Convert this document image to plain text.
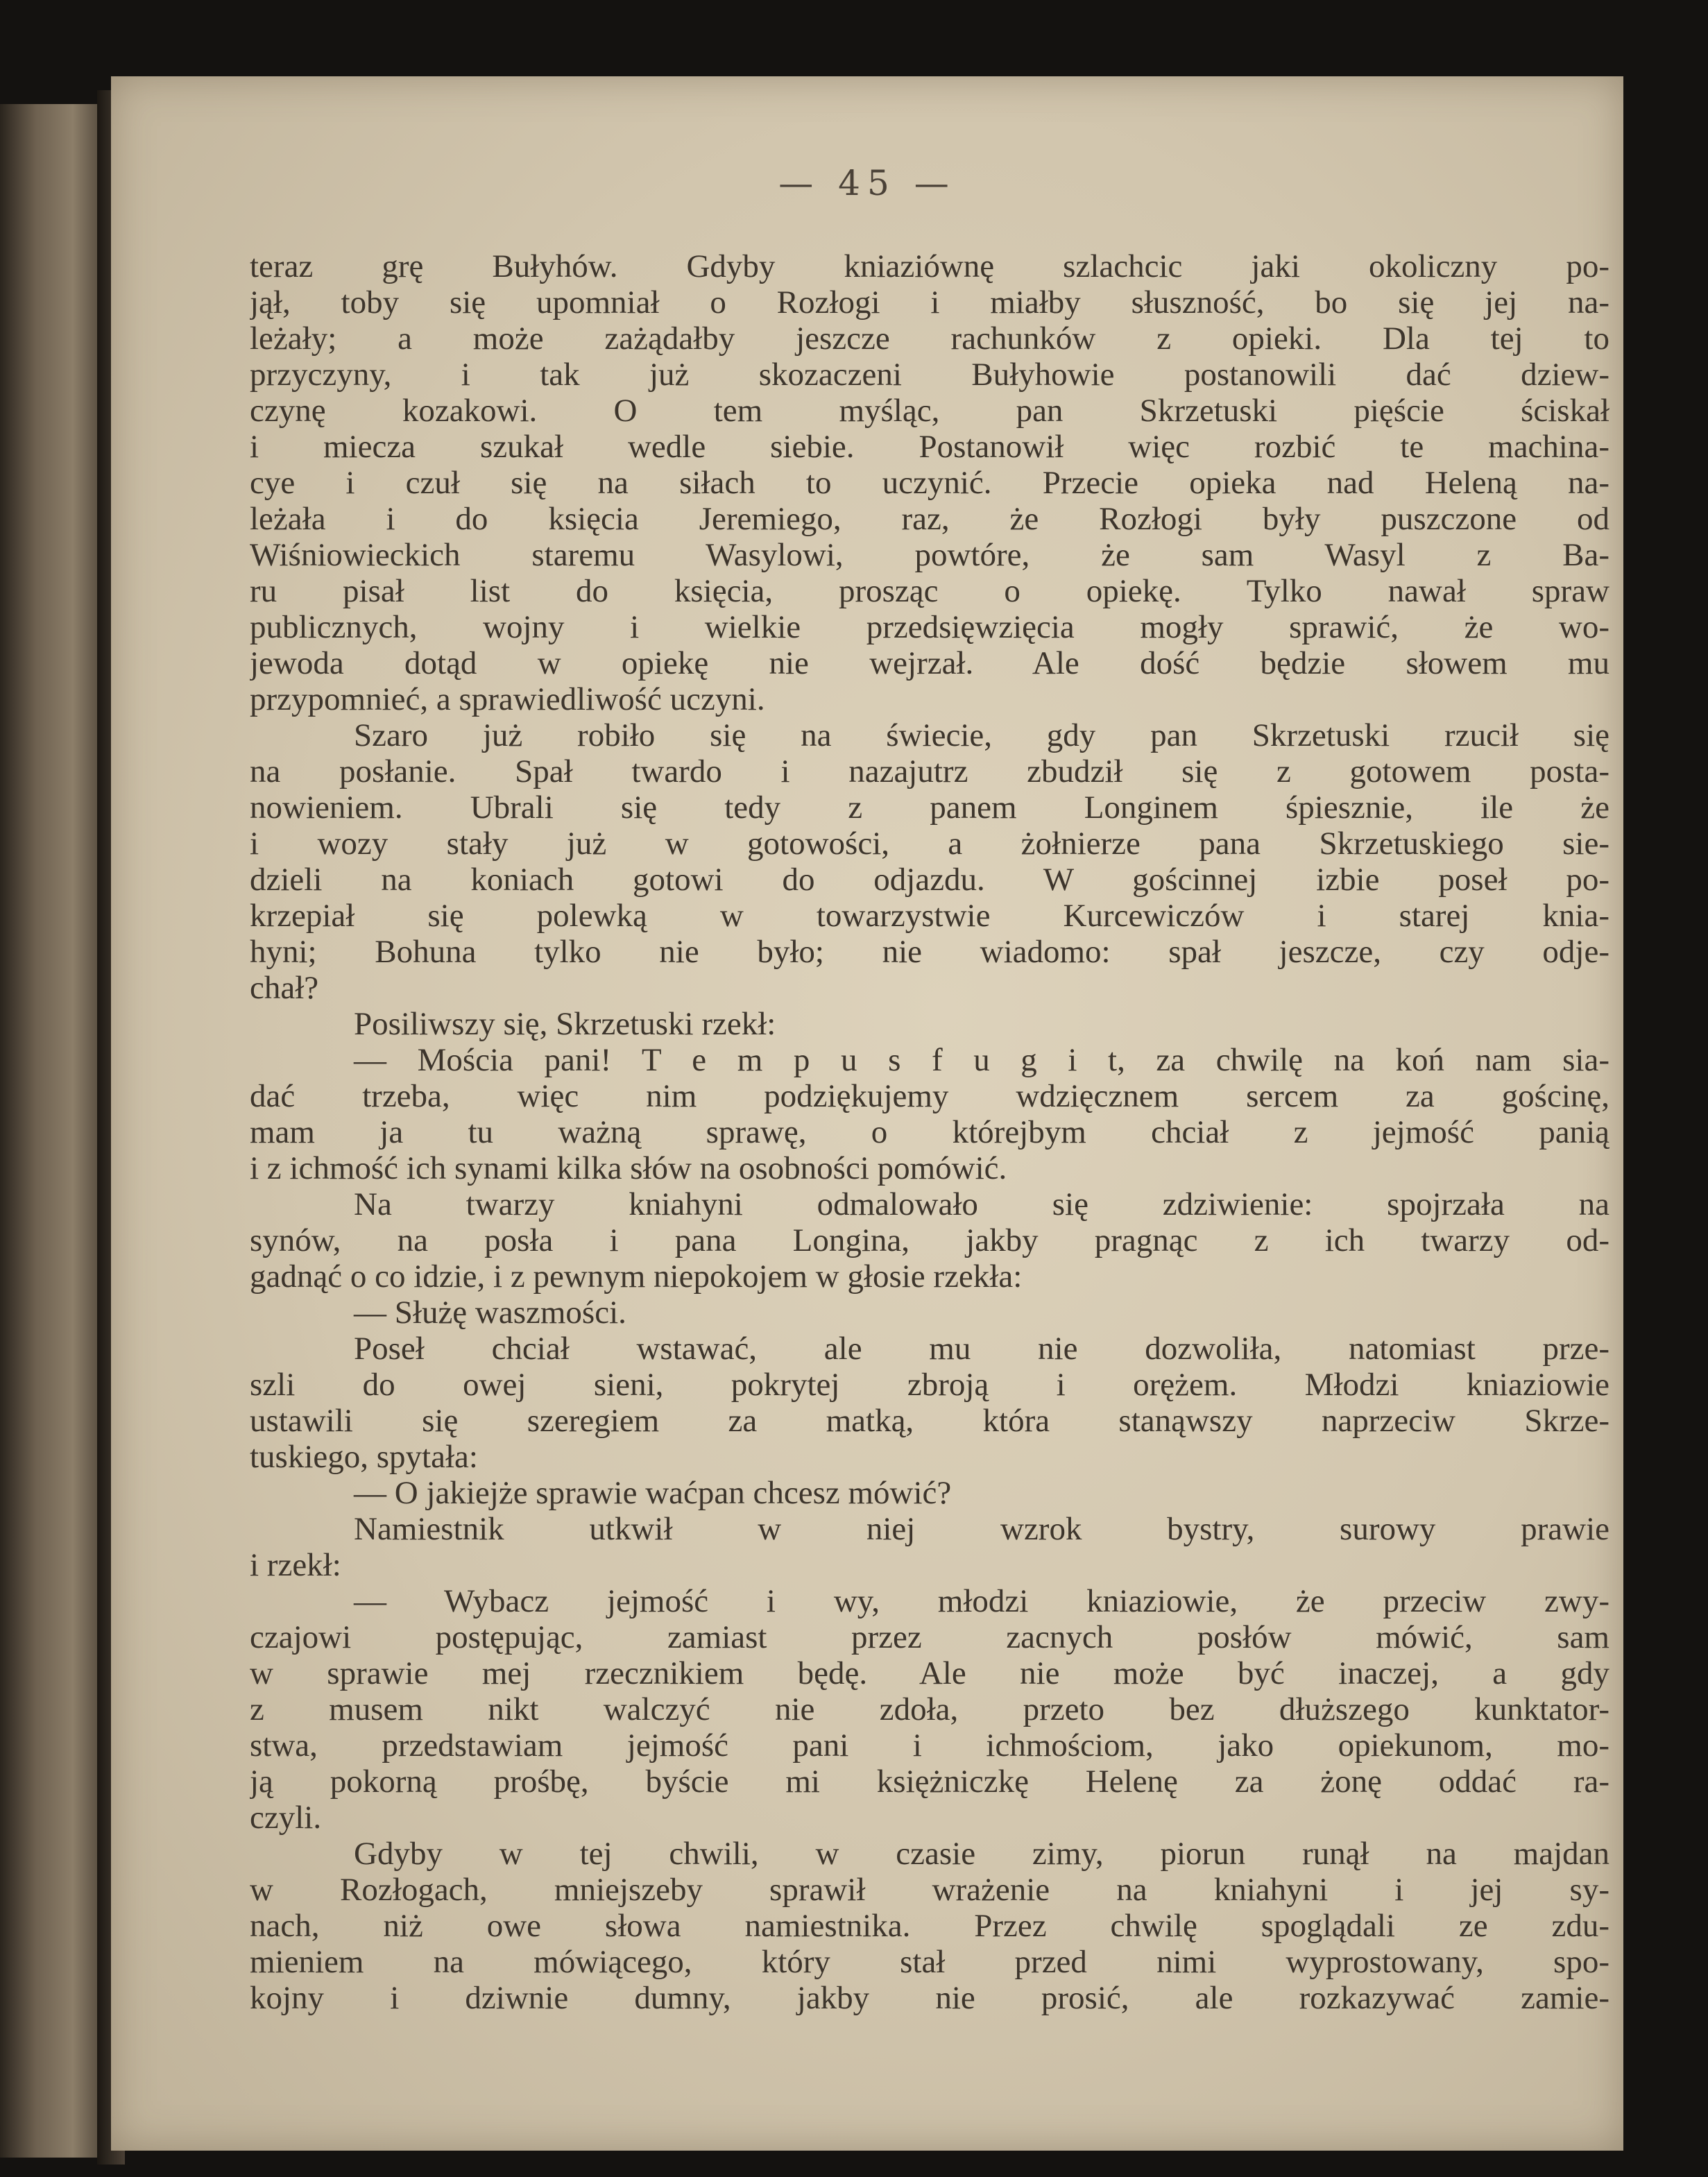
— 45 —
teraz grę Bułyhów. Gdyby kniaziównę szlachcic jaki okoliczny po-
jął, toby się upomniał o Rozłogi i miałby słuszność, bo się jej na-
leżały; a może zażądałby jeszcze rachunków z opieki. Dla tej to
przyczyny, i tak już skozaczeni Bułyhowie postanowili dać dziew-
czynę kozakowi. O tem myśląc, pan Skrzetuski pięście ściskał
i miecza szukał wedle siebie. Postanowił więc rozbić te machina-
cye i czuł się na siłach to uczynić. Przecie opieka nad Heleną na-
leżała i do księcia Jeremiego, raz, że Rozłogi były puszczone od
Wiśniowieckich staremu Wasylowi, powtóre, że sam Wasyl z Ba-
ru pisał list do księcia, prosząc o opiekę. Tylko nawał spraw
publicznych, wojny i wielkie przedsięwzięcia mogły sprawić, że wo-
jewoda dotąd w opiekę nie wejrzał. Ale dość będzie słowem mu
przypomnieć, a sprawiedliwość uczyni.
Szaro już robiło się na świecie, gdy pan Skrzetuski rzucił się
na posłanie. Spał twardo i nazajutrz zbudził się z gotowem posta-
nowieniem. Ubrali się tedy z panem Longinem śpiesznie, ile że
i wozy stały już w gotowości, a żołnierze pana Skrzetuskiego sie-
dzieli na koniach gotowi do odjazdu. W gościnnej izbie poseł po-
krzepiał się polewką w towarzystwie Kurcewiczów i starej knia-
hyni; Bohuna tylko nie było; nie wiadomo: spał jeszcze, czy odje-
chał?
Posiliwszy się, Skrzetuski rzekł:
— Mościa pani! T e m p u s f u g i t, za chwilę na koń nam sia-
dać trzeba, więc nim podziękujemy wdzięcznem sercem za gościnę,
mam ja tu ważną sprawę, o którejbym chciał z jejmość panią
i z ichmość ich synami kilka słów na osobności pomówić.
Na twarzy kniahyni odmalowało się zdziwienie: spojrzała na
synów, na posła i pana Longina, jakby pragnąc z ich twarzy od-
gadnąć o co idzie, i z pewnym niepokojem w głosie rzekła:
— Służę waszmości.
Poseł chciał wstawać, ale mu nie dozwoliła, natomiast prze-
szli do owej sieni, pokrytej zbroją i orężem. Młodzi kniaziowie
ustawili się szeregiem za matką, która stanąwszy naprzeciw Skrze-
tuskiego, spytała:
— O jakiejże sprawie waćpan chcesz mówić?
Namiestnik utkwił w niej wzrok bystry, surowy prawie
i rzekł:
— Wybacz jejmość i wy, młodzi kniaziowie, że przeciw zwy-
czajowi postępując, zamiast przez zacnych posłów mówić, sam
w sprawie mej rzecznikiem będę. Ale nie może być inaczej, a gdy
z musem nikt walczyć nie zdoła, przeto bez dłuższego kunktator-
stwa, przedstawiam jejmość pani i ichmościom, jako opiekunom, mo-
ją pokorną prośbę, byście mi księżniczkę Helenę za żonę oddać ra-
czyli.
Gdyby w tej chwili, w czasie zimy, piorun runął na majdan
w Rozłogach, mniejszeby sprawił wrażenie na kniahyni i jej sy-
nach, niż owe słowa namiestnika. Przez chwilę spoglądali ze zdu-
mieniem na mówiącego, który stał przed nimi wyprostowany, spo-
kojny i dziwnie dumny, jakby nie prosić, ale rozkazywać zamie-
